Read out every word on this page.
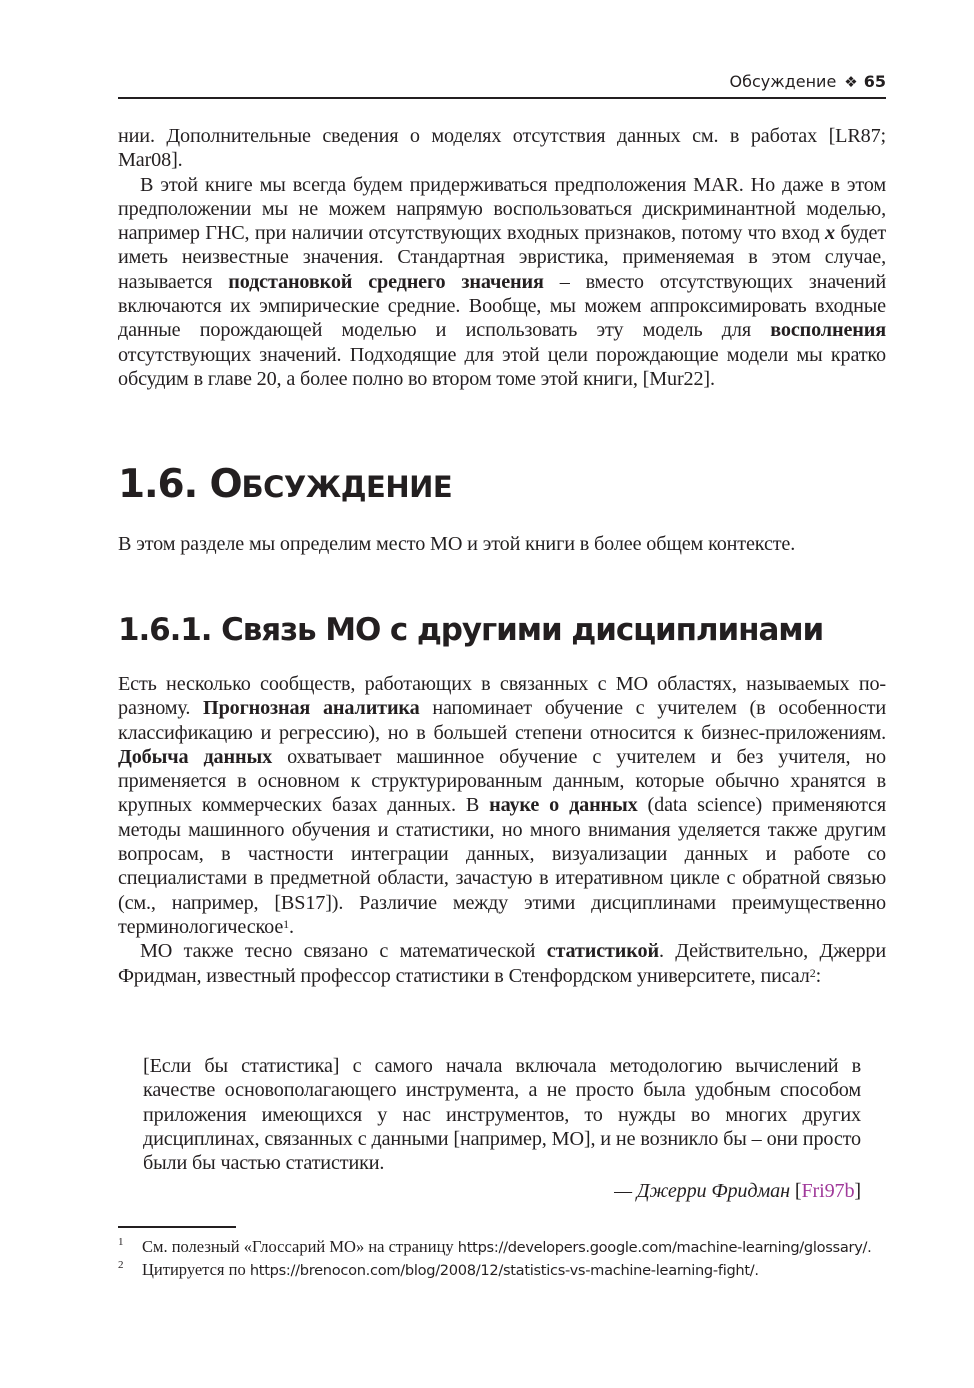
Обсуждение ❖ 65

нии. Дополнительные сведения о моделях отсутствия данных см. в работах [LR87; Mar08].

В этой книге мы всегда будем придерживаться предположения MAR. Но даже в этом предположении мы не можем напрямую воспользоваться дискриминантной моделью, например ГНС, при наличии отсутствующих входных признаков, потому что вход x будет иметь неизвестные значения. Стандартная эвристика, применяемая в этом случае, называется подстановкой среднего значения – вместо отсутствующих значений включаются их эмпирические средние. Вообще, мы можем аппроксимировать входные данные порождающей моделью и использовать эту модель для восполнения отсутствующих значений. Подходящие для этой цели порождающие модели мы кратко обсудим в главе 20, а более полно во втором томе этой книги, [Mur22].

1.6. ОБСУЖДЕНИЕ

В этом разделе мы определим место МО и этой книги в более общем контексте.

1.6.1. Связь МО с другими дисциплинами

Есть несколько сообществ, работающих в связанных с МО областях, называемых по-разному. Прогнозная аналитика напоминает обучение с учителем (в особенности классификацию и регрессию), но в большей степени относится к бизнес-приложениям. Добыча данных охватывает машинное обучение с учителем и без учителя, но применяется в основном к структурированным данным, которые обычно хранятся в крупных коммерческих базах данных. В науке о данных (data science) применяются методы машинного обучения и статистики, но много внимания уделяется также другим вопросам, в частности интеграции данных, визуализации данных и работе со специалистами в предметной области, зачастую в итеративном цикле с обратной связью (см., например, [BS17]). Различие между этими дисциплинами преимущественно терминологическое$^1$.

МО также тесно связано с математической статистикой. Действительно, Джерри Фридман, известный профессор статистики в Стенфордском университете, писал$^2$:

[Если бы статистика] с самого начала включала методологию вычислений в качестве основополагающего инструмента, а не просто была удобным способом приложения имеющихся у нас инструментов, то нужды во многих других дисциплинах, связанных с данными [например, МО], и не возникло бы – они просто были бы частью статистики.

— Джерри Фридман [Fri97b]

1 См. полезный «Глоссарий МО» на страницу https://developers.google.com/machine-learning/glossary/.
2 Цитируется по https://brenocon.com/blog/2008/12/statistics-vs-machine-learning-fight/.
